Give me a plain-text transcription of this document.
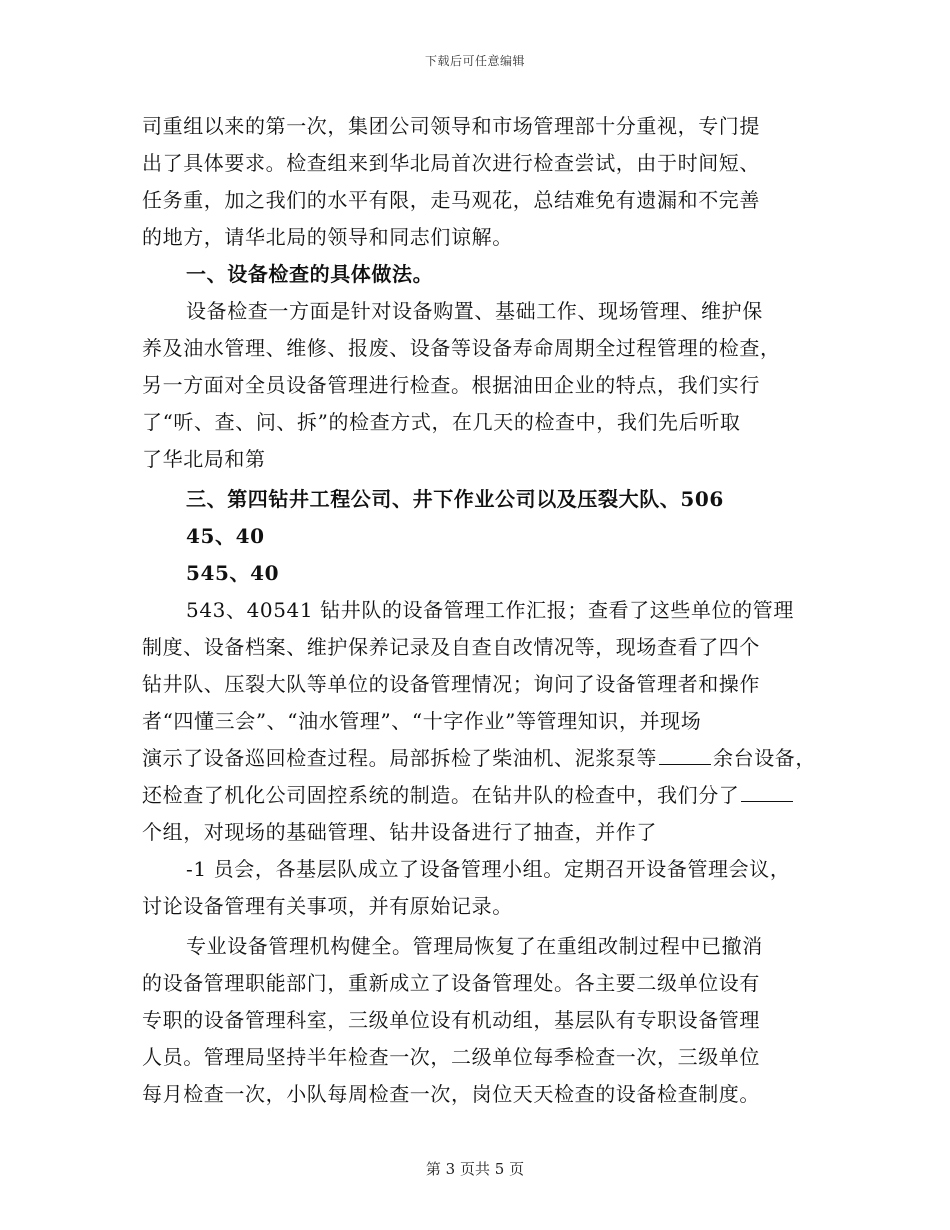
下载后可任意编辑
司重组以来的第一次，集团公司领导和市场管理部十分重视，专门提
出了具体要求。检查组来到华北局首次进行检查尝试，由于时间短、
任务重，加之我们的水平有限，走马观花，总结难免有遗漏和不完善
的地方，请华北局的领导和同志们谅解。
一、设备检查的具体做法。
设备检查一方面是针对设备购置、基础工作、现场管理、维护保
养及油水管理、维修、报废、设备等设备寿命周期全过程管理的检查，
另一方面对全员设备管理进行检查。根据油田企业的特点，我们实行
了“听、查、问、拆”的检查方式，在几天的检查中，我们先后听取
了华北局和第
三、第四钻井工程公司、井下作业公司以及压裂大队、506
45、40
545、40
543、40541 钻井队的设备管理工作汇报；查看了这些单位的管理
制度、设备档案、维护保养记录及自查自改情况等，现场查看了四个
钻井队、压裂大队等单位的设备管理情况；询问了设备管理者和操作
者“四懂三会”、“油水管理”、“十字作业”等管理知识，并现场
演示了设备巡回检查过程。局部拆检了柴油机、泥浆泵等	余台设备，
还检查了机化公司固控系统的制造。在钻井队的检查中，我们分了
个组，对现场的基础管理、钻井设备进行了抽查，并作了
-1 员会，各基层队成立了设备管理小组。定期召开设备管理会议，
讨论设备管理有关事项，并有原始记录。
专业设备管理机构健全。管理局恢复了在重组改制过程中已撤消
的设备管理职能部门，重新成立了设备管理处。各主要二级单位设有
专职的设备管理科室，三级单位设有机动组，基层队有专职设备管理
人员。管理局坚持半年检查一次，二级单位每季检查一次，三级单位
每月检查一次，小队每周检查一次，岗位天天检查的设备检查制度。
第 3 页共 5 页
